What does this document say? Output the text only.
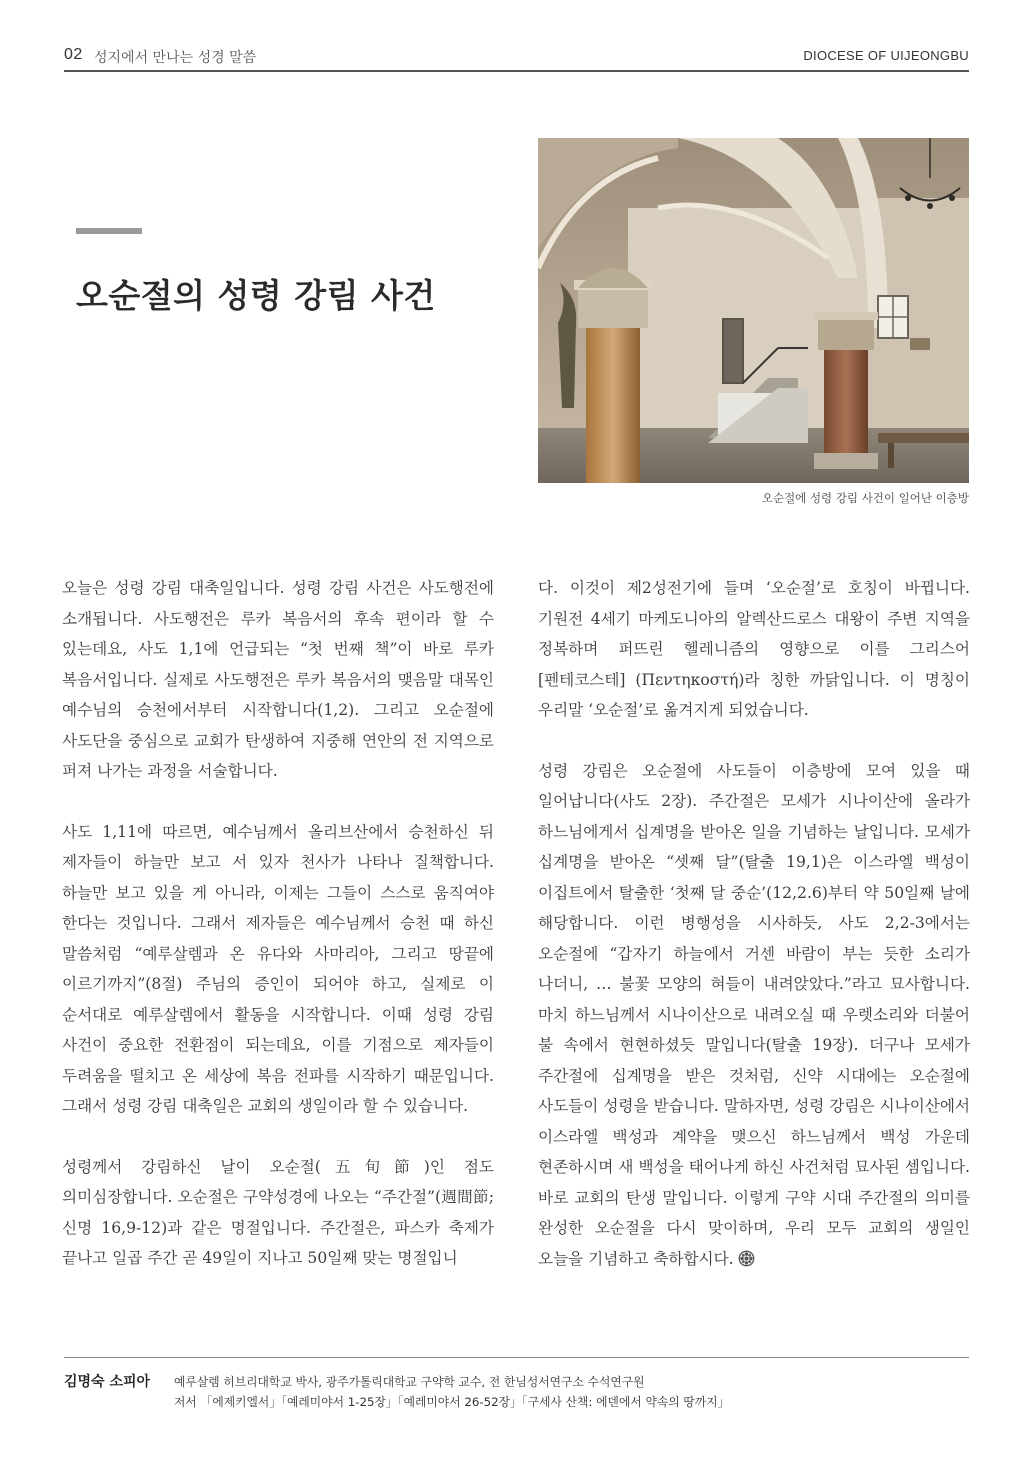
02 성지에서 만나는 성경 말씀	DIOCESE OF UIJEONGBU
오순절의 성령 강림 사건
오순절에 성령 강림 사건이 일어난 이층방

오늘은 성령 강림 대축일입니다. 성령 강림 사건은 사도행전에 소개됩니다. 사도행전은 루카 복음서의 후속 편이라 할 수 있는데요, 사도 1,1에 언급되는 “첫 번째 책”이 바로 루카 복음서입니다. 실제로 사도행전은 루카 복음서의 맺음말 대목인 예수님의 승천에서부터 시작합니다(1,2). 그리고 오순절에 사도단을 중심으로 교회가 탄생하여 지중해 연안의 전 지역으로 퍼져 나가는 과정을 서술합니다.

사도 1,11에 따르면, 예수님께서 올리브산에서 승천하신 뒤 제자들이 하늘만 보고 서 있자 천사가 나타나 질책합니다. 하늘만 보고 있을 게 아니라, 이제는 그들이 스스로 움직여야 한다는 것입니다. 그래서 제자들은 예수님께서 승천 때 하신 말씀처럼 “예루살렘과 온 유다와 사마리아, 그리고 땅끝에 이르기까지”(8절) 주님의 증인이 되어야 하고, 실제로 이 순서대로 예루살렘에서 활동을 시작합니다. 이때 성령 강림 사건이 중요한 전환점이 되는데요, 이를 기점으로 제자들이 두려움을 떨치고 온 세상에 복음 전파를 시작하기 때문입니다. 그래서 성령 강림 대축일은 교회의 생일이라 할 수 있습니다.

성령께서 강림하신 날이 오순절(五旬節)인 점도 의미심장합니다. 오순절은 구약성경에 나오는 “주간절”(週間節; 신명 16,9-12)과 같은 명절입니다. 주간절은, 파스카 축제가 끝나고 일곱 주간 곧 49일이 지나고 50일째 맞는 명절입니

다. 이것이 제2성전기에 들며 ‘오순절’로 호칭이 바뀝니다. 기원전 4세기 마케도니아의 알렉산드로스 대왕이 주변 지역을 정복하며 퍼뜨린 헬레니즘의 영향으로 이를 그리스어 [펜테코스테] (Πεντηκοστή)라 칭한 까닭입니다. 이 명칭이 우리말 ‘오순절’로 옮겨지게 되었습니다.

성령 강림은 오순절에 사도들이 이층방에 모여 있을 때 일어납니다(사도 2장). 주간절은 모세가 시나이산에 올라가 하느님에게서 십계명을 받아온 일을 기념하는 날입니다. 모세가 십계명을 받아온 “셋째 달”(탈출 19,1)은 이스라엘 백성이 이집트에서 탈출한 ‘첫째 달 중순’(12,2.6)부터 약 50일째 날에 해당합니다. 이런 병행성을 시사하듯, 사도 2,2-3에서는 오순절에 “갑자기 하늘에서 거센 바람이 부는 듯한 소리가 나더니, … 불꽃 모양의 혀들이 내려앉았다.”라고 묘사합니다. 마치 하느님께서 시나이산으로 내려오실 때 우렛소리와 더불어 불 속에서 현현하셨듯 말입니다(탈출 19장). 더구나 모세가 주간절에 십계명을 받은 것처럼, 신약 시대에는 오순절에 사도들이 성령을 받습니다. 말하자면, 성령 강림은 시나이산에서 이스라엘 백성과 계약을 맺으신 하느님께서 백성 가운데 현존하시며 새 백성을 태어나게 하신 사건처럼 묘사된 셈입니다. 바로 교회의 탄생 말입니다. 이렇게 구약 시대 주간절의 의미를 완성한 오순절을 다시 맞이하며, 우리 모두 교회의 생일인 오늘을 기념하고 축하합시다.

김명숙 소피아 예루살렘 히브리대학교 박사, 광주가톨릭대학교 구약학 교수, 전 한님성서연구소 수석연구원
저서 「에제키엘서」「예레미야서 1-25장」「예레미야서 26-52장」「구세사 산책: 에덴에서 약속의 땅까지」
